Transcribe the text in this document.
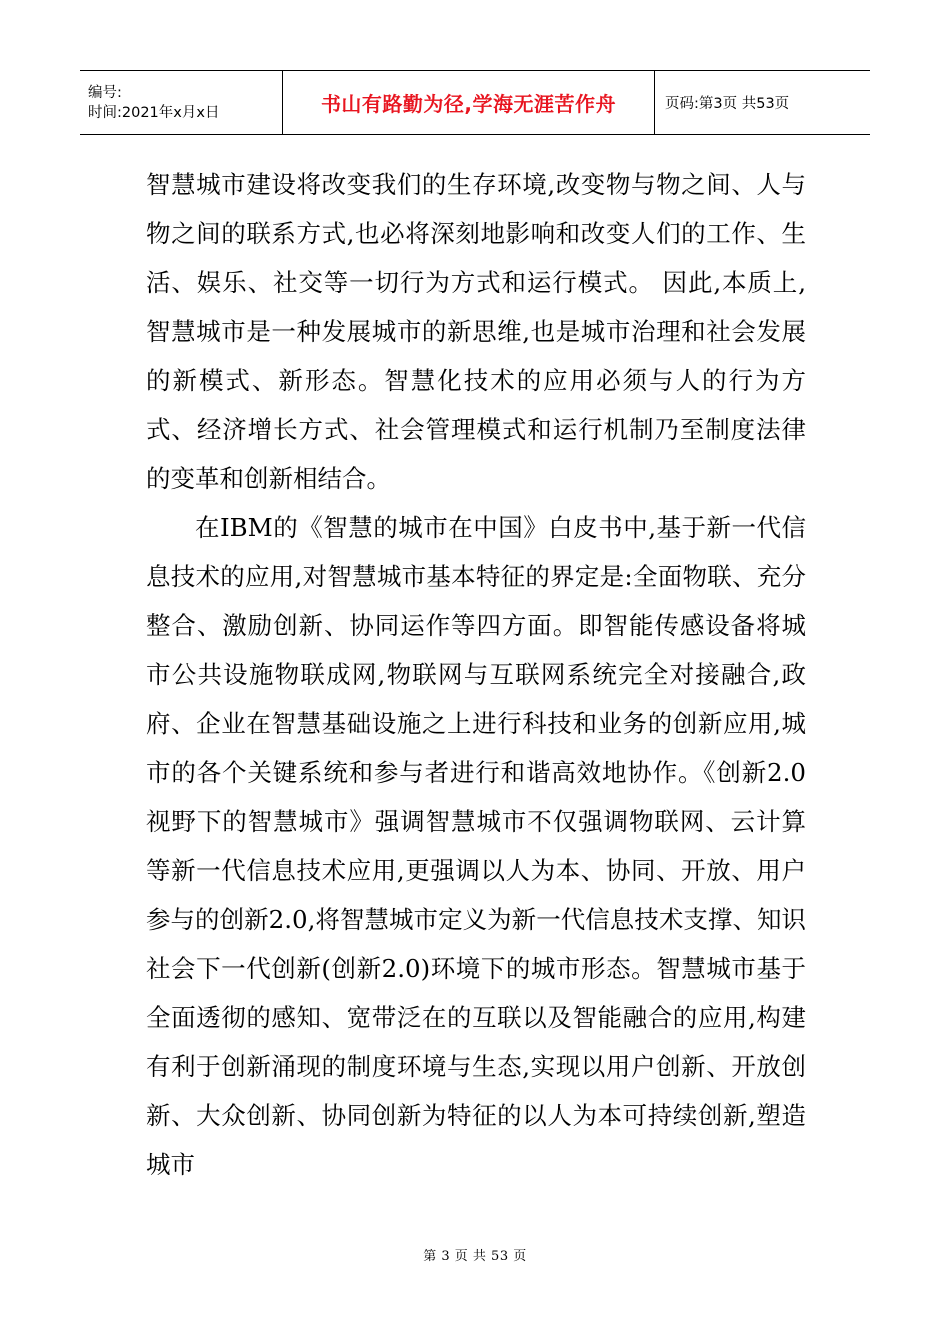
编号:
时间:2021年x月x日	书山有路勤为径,学海无涯苦作舟	页码:第3页 共53页

智慧城市建设将改变我们的生存环境,改变物与物之间、人与物之间的联系方式,也必将深刻地影响和改变人们的工作、生活、娱乐、社交等一切行为方式和运行模式。 因此,本质上,智慧城市是一种发展城市的新思维,也是城市治理和社会发展的新模式、新形态。智慧化技术的应用必须与人的行为方式、经济增长方式、社会管理模式和运行机制乃至制度法律的变革和创新相结合。

在IBM的《智慧的城市在中国》白皮书中,基于新一代信息技术的应用,对智慧城市基本特征的界定是:全面物联、充分整合、激励创新、协同运作等四方面。即智能传感设备将城市公共设施物联成网,物联网与互联网系统完全对接融合,政府、企业在智慧基础设施之上进行科技和业务的创新应用,城市的各个关键系统和参与者进行和谐高效地协作。《创新2.0视野下的智慧城市》强调智慧城市不仅强调物联网、云计算等新一代信息技术应用,更强调以人为本、协同、开放、用户参与的创新2.0,将智慧城市定义为新一代信息技术支撑、知识社会下一代创新(创新2.0)环境下的城市形态。智慧城市基于全面透彻的感知、宽带泛在的互联以及智能融合的应用,构建有利于创新涌现的制度环境与生态,实现以用户创新、开放创新、大众创新、协同创新为特征的以人为本可持续创新,塑造城市

第 3 页 共 53 页
